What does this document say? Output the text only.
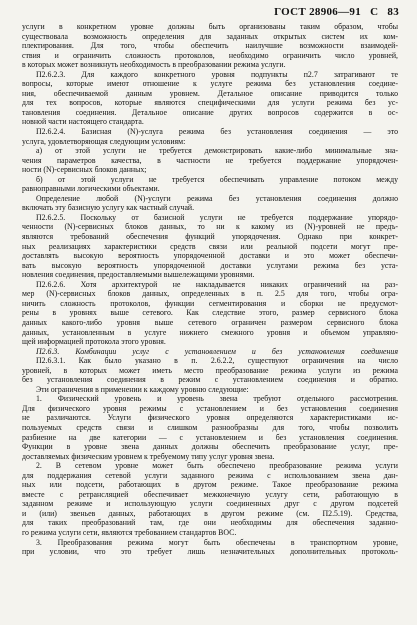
ГОСТ 28906—91 С 83
услуги в конкретном уровне должны быть организованы таким образом, чтобы
существовала возможность определения для заданных открытых систем их ком-
плектирования. Для того, чтобы обеспечить наилучшие возможности взаимодей-
ствия и ограничить сложность протоколов, необходимо ограничить число уровней,
в которых может возникнуть необходимость в преобразовании режима услуги.
П2.6.2.3. Для каждого конкретного уровня подпункты п2.7 затрагивают те
вопросы, которые имеют отношение к услуге режима без установления соедине-
ния, обеспечиваемой данным уровнем. Детальное описание приводится только
для тех вопросов, которые являются специфическими для услуги режима без ус-
тановления соединения. Детальное описание других вопросов содержится в ос-
новной части настоящего стандарта.
П2.6.2.4. Базисная (N)-услуга режима без установления соединения — это
услуга, удовлетворяющая следующим условиям:
а) от этой услуги не требуется демонстрировать какие-либо минимальные зна-
чения параметров качества, в частности не требуется поддержание упорядочен-
ности (N)-сервисных блоков данных;
б) от этой услуги не требуется обеспечивать управление потоком между
равноправными логическими объектами.
Определение любой (N)-услуги режима без установления соединения должно
включать эту базисную услугу как частный случай.
П2.6.2.5. Поскольку от базисной услуги не требуется поддержание упорядо-
ченности (N)-сервисных блоков данных, то ни к какому из (N)-уровней не предъ-
являются требований обеспечения функций упорядочения. Однако при конкрет-
ных реализациях характеристики средств связи или реальной подсети могут пре-
доставлять высокую вероятность упорядоченной доставки и это может обеспечи-
вать высокую вероятность упорядоченной доставки услугами режима без уста-
новления соединения, предоставляемыми вышележащими уровнями.
П2.6.2.6. Хотя архитектурой не накладывается никаких ограничений на раз-
мер (N)-сервисных блоков данных, определенных в п. 2.5 для того, чтобы огра-
ничить сложность протоколов, функции сегментирования и сборки не предусмот-
рены в уровнях выше сетевого. Как следствие этого, размер сервисного блока
данных какого-либо уровня выше сетевого ограничен размером сервисного блока
данных, установленным в услуге нижнего смежного уровня и объемом управляю-
щей информацией протокола этого уровня.
П2.6.3. Комбинации услуг с установлением и без установления соединения
П2.6.3.1. Как было указано в п. 2.6.2.2, существуют ограничения на число
уровней, в которых может иметь место преобразование режима услуги из режима
без установления соединения в режим с установлением соединения и обратно.
Эти ограничения в применении к каждому уровню следующие:
1. Физический уровень и уровень звена требуют отдельного рассмотрения.
Для физического уровня режимы с установлением и без установления соединения
не различаются. Услуги физического уровня определяются характеристиками ис-
пользуемых средств связи и слишком разнообразны для того, чтобы позволить
разбиение на две категории — с установлением и без установления соединения.
Функции в уровне звена данных должны обеспечить преобразование услуг, пре-
доставляемых физическим уровнем к требуемому типу услуг уровня звена.
2. В сетевом уровне может быть обеспечено преобразование режима услуги
для поддержания сетевой услуги заданного режима с использованием звена дан-
ных или подсети, работающих в другом режиме. Такое преобразование режима
вместе с ретрансляцией обеспечивает межконечную услугу сети, работающую в
заданном режиме и использующую услуги соединенных друг с другом подсетей
и (или) звеньев данных, работающих в другом режиме (см. П2.5.19). Средства,
для таких преобразований там, где они необходимы для обеспечения заданно-
го режима услуги сети, являются требованием стандартов ВОС.
3. Преобразования режима могут быть обеспечены в транспортном уровне,
при условии, что это требует лишь незначительных дополнительных протоколь-
